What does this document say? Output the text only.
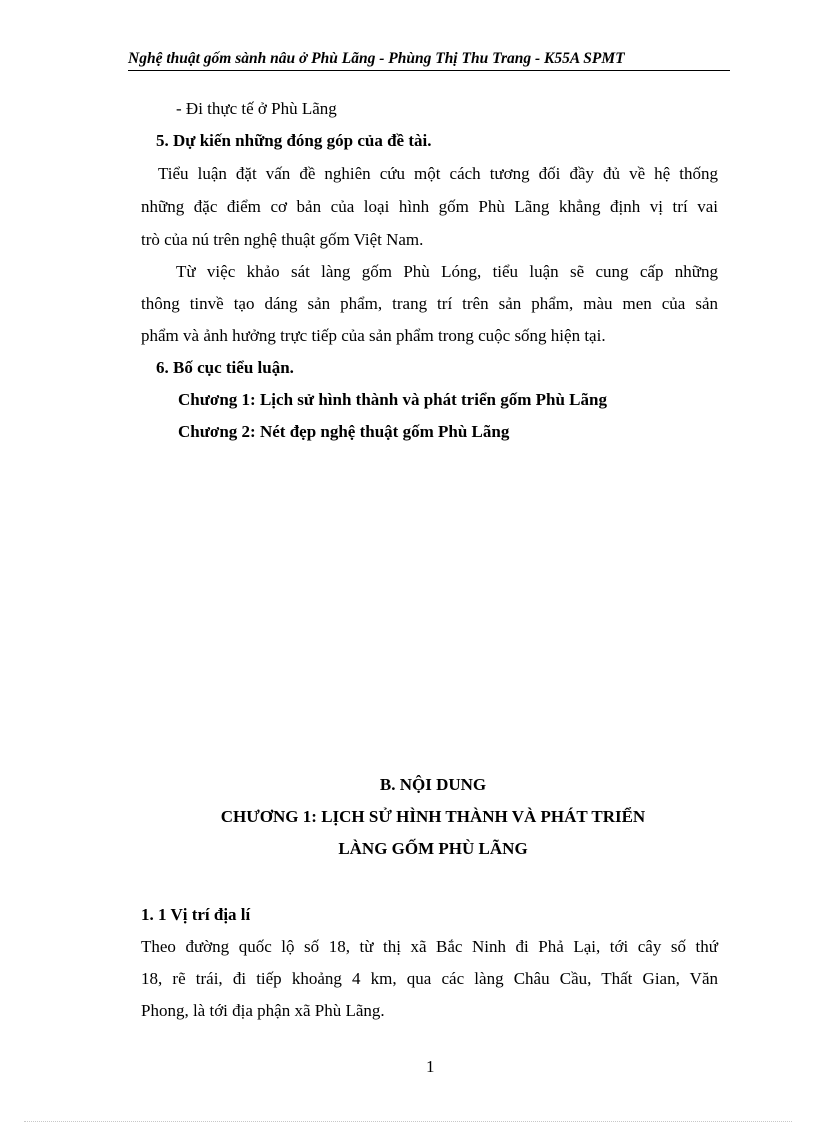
Nghệ thuật gốm sành nâu ở Phù Lãng - Phùng Thị Thu Trang - K55A SPMT
- Đi thực tế ở Phù Lãng
5. Dự kiến những đóng góp của đề tài.
Tiểu luận đặt vấn đề nghiên cứu một cách tương đối đầy đủ về hệ thống
những đặc điểm cơ bản của loại hình gốm Phù Lãng khẳng định vị trí vai
trò của nú trên nghệ thuật gốm Việt Nam.
Từ việc khảo sát làng gốm Phù Lóng, tiểu luận sẽ cung cấp những
thông tinvề tạo dáng sản phẩm, trang trí trên sản phẩm, màu men của sản
phẩm và ảnh hưởng trực tiếp của sản phẩm trong cuộc sống hiện tại.
6. Bố cục tiểu luận.
Chương 1: Lịch sử hình thành và phát triển gốm Phù Lãng
Chương 2: Nét đẹp nghệ thuật gốm Phù Lãng
B. NỘI DUNG
CHƯƠNG 1: LỊCH SỬ HÌNH THÀNH VÀ PHÁT TRIỂN
LÀNG GỐM PHÙ LÃNG
1. 1 Vị trí địa lí
Theo đường quốc lộ số 18, từ thị xã Bắc Ninh đi Phả Lại, tới cây số thứ
18, rẽ trái, đi tiếp khoảng 4 km, qua các làng Châu Cầu, Thất Gian, Văn
Phong, là tới địa phận xã Phù Lãng.
1
